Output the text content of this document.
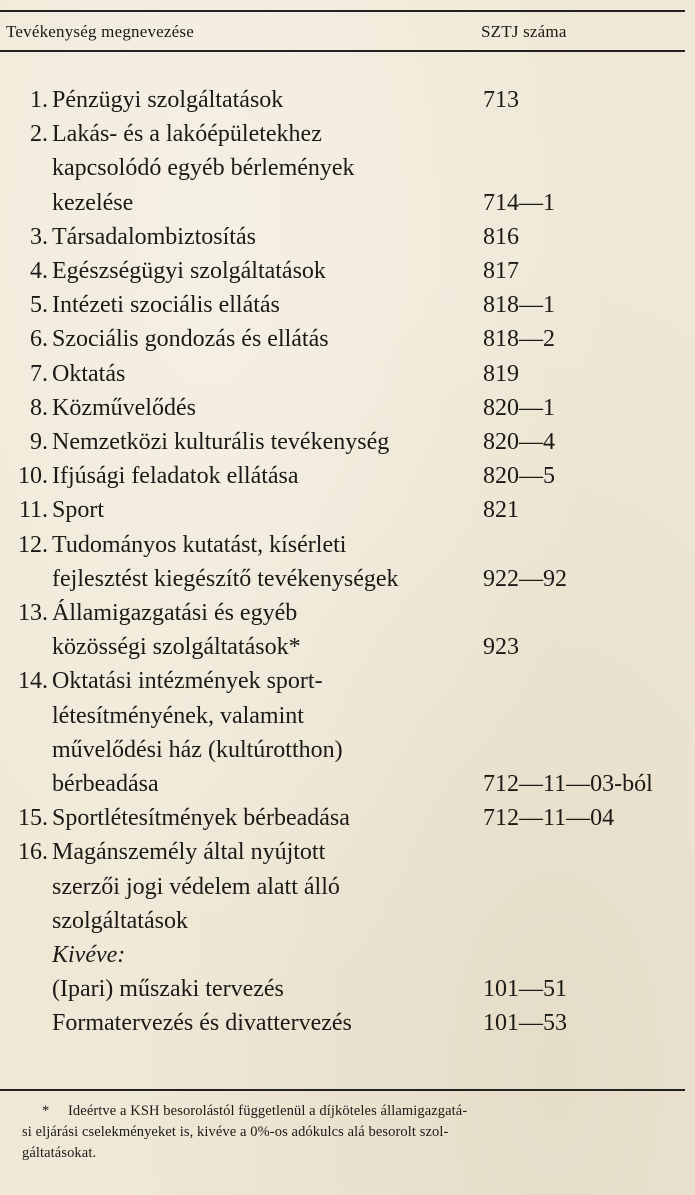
Tevékenység megnevezése	SZTJ száma
1. Pénzügyi szolgáltatások	713
2. Lakás- és a lakóépületekhez
kapcsolódó egyéb bérlemények
kezelése	714—1
3. Társadalombiztosítás	816
4. Egészségügyi szolgáltatások	817
5. Intézeti szociális ellátás	818—1
6. Szociális gondozás és ellátás	818—2
7. Oktatás	819
8. Közművelődés	820—1
9. Nemzetközi kulturális tevékenység	820—4
10. Ifjúsági feladatok ellátása	820—5
11. Sport	821
12. Tudományos kutatást, kísérleti
fejlesztést kiegészítő tevékenységek	922—92
13. Államigazgatási és egyéb
közösségi szolgáltatások*	923
14. Oktatási intézmények sport-
létesítményének, valamint
művelődési ház (kultúrotthon)
bérbeadása	712—11—03-ból
15. Sportlétesítmények bérbeadása	712—11—04
16. Magánszemély által nyújtott
szerzői jogi védelem alatt álló
szolgáltatások
Kivéve:
(Ipari) műszaki tervezés	101—51
Formatervezés és divattervezés	101—53
*	Ideértve a KSH besorolástól függetlenül a díjköteles államigazgatá-
si eljárási cselekményeket is, kivéve a 0%-os adókulcs alá besorolt szol-
gáltatásokat.
